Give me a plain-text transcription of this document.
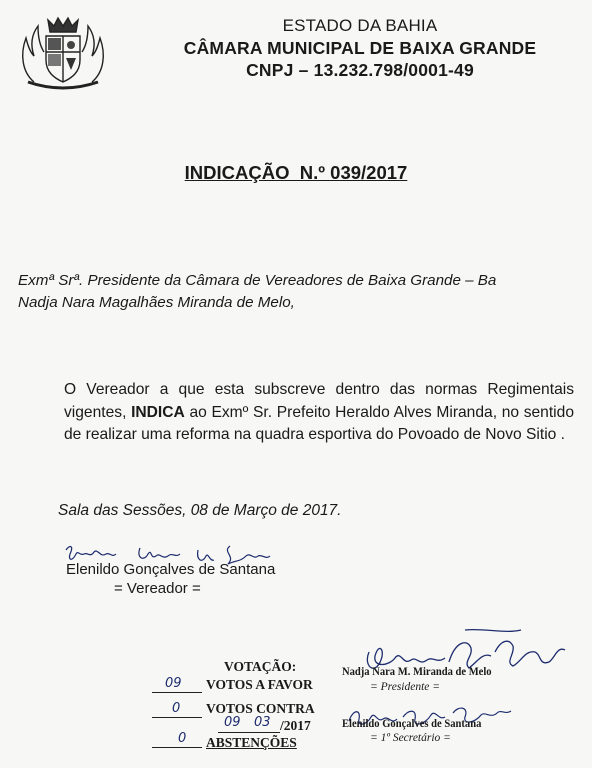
ESTADO DA BAHIA
CÂMARA MUNICIPAL DE BAIXA GRANDE
CNPJ – 13.232.798/0001-49
INDICAÇÃO  N.º 039/2017
Exmª Srª. Presidente da Câmara de Vereadores de Baixa Grande – Ba
Nadja Nara Magalhães Miranda de Melo,
O Vereador a que esta subscreve dentro das normas Regimentais vigentes, INDICA ao Exmº Sr. Prefeito Heraldo Alves Miranda, no sentido de realizar uma reforma na quadra esportiva do Povoado de Novo Sitio .
Sala das Sessões, 08 de Março de 2017.
Elenildo Gonçalves de Santana
= Vereador =
Nadja Nara M. Miranda de Melo
= Presidente =
Elenildo Gonçalves de Santana
= 1º Secretário =
VOTAÇÃO:
09 VOTOS A FAVOR
0 VOTOS CONTRA
09 03 /2017
0 ABSTENÇÕES
